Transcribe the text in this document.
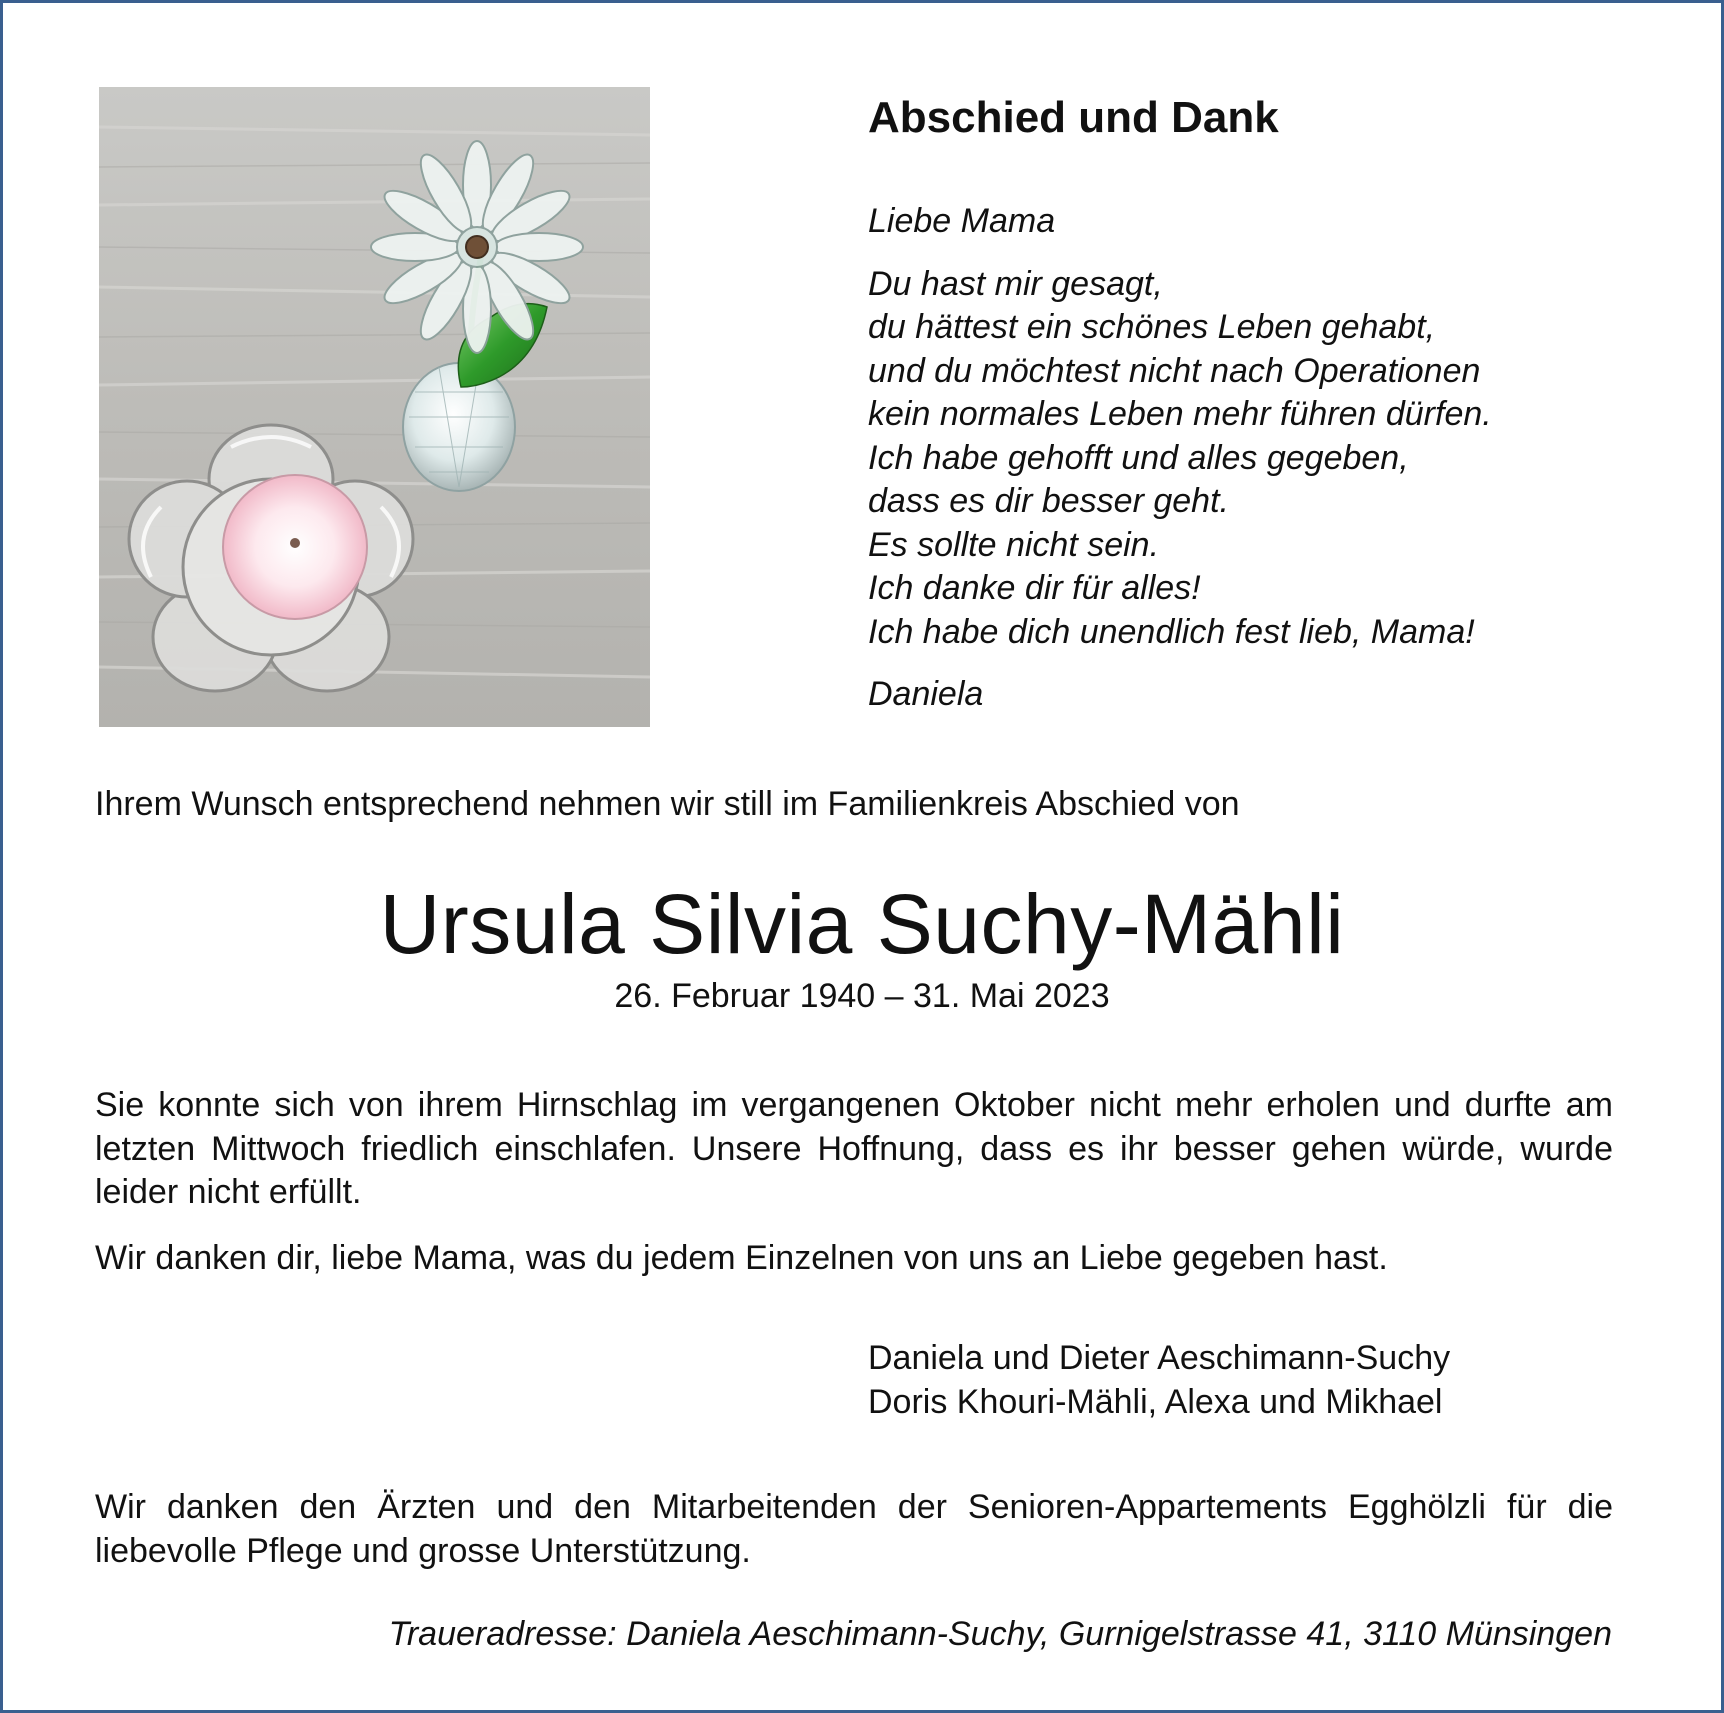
Abschied und Dank

Liebe Mama

Du hast mir gesagt,
du hättest ein schönes Leben gehabt,
und du möchtest nicht nach Operationen
kein normales Leben mehr führen dürfen.
Ich habe gehofft und alles gegeben,
dass es dir besser geht.
Es sollte nicht sein.
Ich danke dir für alles!
Ich habe dich unendlich fest lieb, Mama!

Daniela

Ihrem Wunsch entsprechend nehmen wir still im Familienkreis Abschied von
Ursula Silvia Suchy-Mähli
26. Februar 1940 – 31. Mai 2023

Sie konnte sich von ihrem Hirnschlag im vergangenen Oktober nicht mehr erholen und durfte am letzten Mittwoch friedlich einschlafen. Unsere Hoffnung, dass es ihr besser gehen würde, wurde leider nicht erfüllt.

Wir danken dir, liebe Mama, was du jedem Einzelnen von uns an Liebe gegeben hast.

Daniela und Dieter Aeschimann-Suchy
Doris Khouri-Mähli, Alexa und Mikhael

Wir danken den Ärzten und den Mitarbeitenden der Senioren-Appartements Egghölzli für die liebevolle Pflege und grosse Unterstützung.

Traueradresse: Daniela Aeschimann-Suchy, Gurnigelstrasse 41, 3110 Münsingen
